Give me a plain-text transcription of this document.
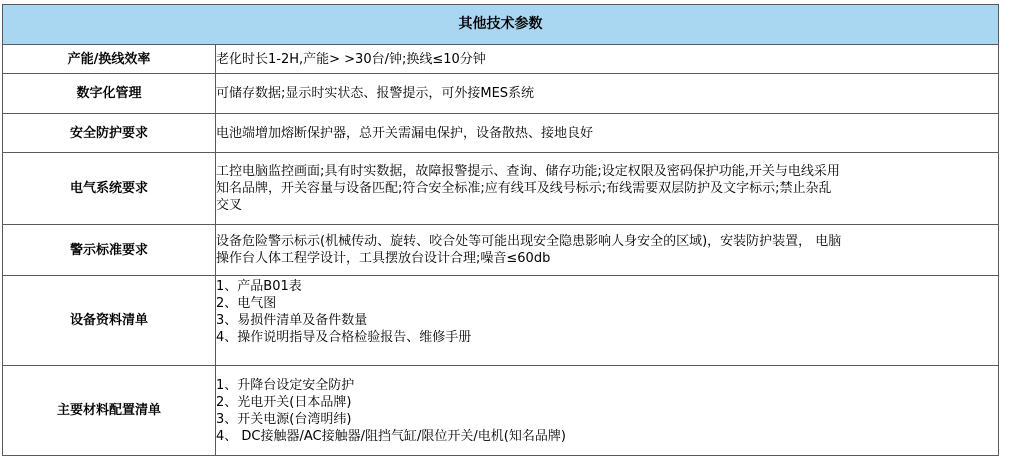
其他技术参数	
产能/换线效率	老化时长1-2H,产能> >30台/钟;换线≤10分钟
数字化管理	可储存数据;显示时实状态、报警提示，可外接MES系统
安全防护要求	电池端增加熔断保护器，总开关需漏电保护，设备散热、接地良好
电气系统要求	工控电脑监控画面;具有时实数据，故障报警提示、查询、储存功能;设定权限及密码保护功能,开关与电线采用
知名品牌，开关容量与设备匹配;符合安全标准;应有线耳及线号标示;布线需要双层防护及文字标示;禁止杂乱
交叉

警示标准要求	设备危险警示标示(机械传动、旋转、咬合处等可能出现安全隐患影响人身安全的区域)，安装防护装置， 电脑
操作台人体工程学设计，工具摆放台设计合理;噪音≤60db

设备资料清单	1、产品B01表
2、电气图
3、易损件清单及备件数量
4、操作说明指导及合格检验报告、维修手册

主要材料配置清单	1、升降台设定安全防护
2、光电开关(日本品牌)
3、开关电源(台湾明纬)
4、 DC接触器/AC接触器/阻挡气缸/限位开关/电机(知名品牌)
